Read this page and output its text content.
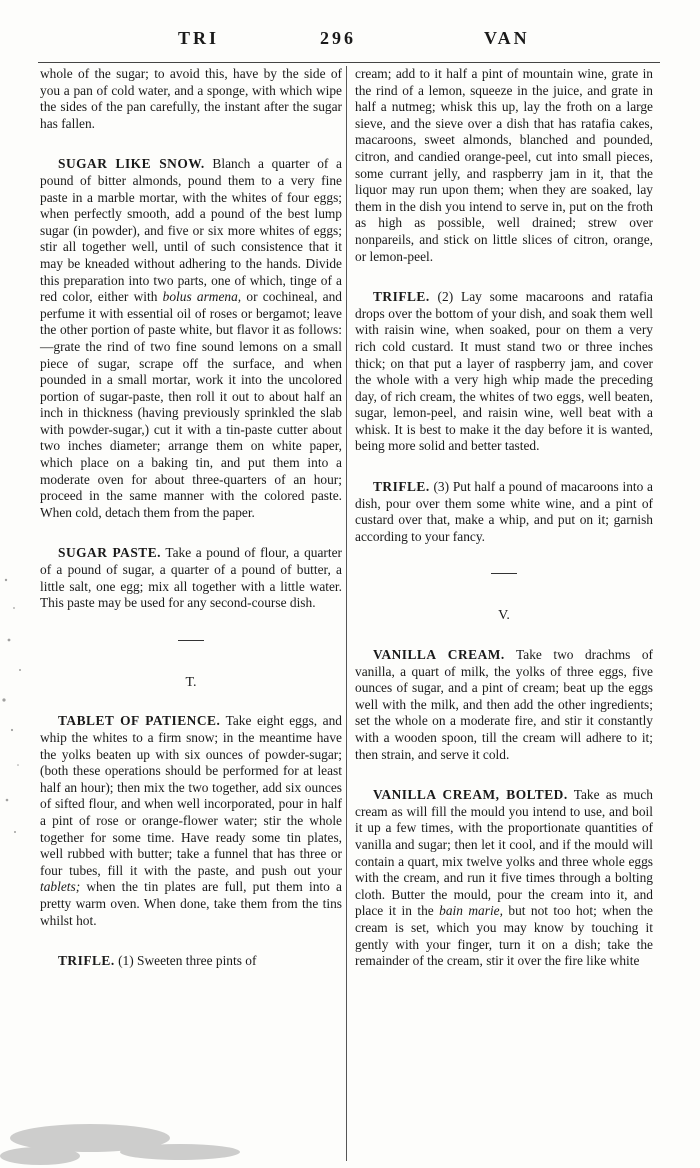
TRI	296	VAN

whole of the sugar; to avoid this, have by the side of you a pan of cold water, and a sponge, with which wipe the sides of the pan carefully, the instant after the sugar has fallen.

SUGAR LIKE SNOW. Blanch a quarter of a pound of bitter almonds, pound them to a very fine paste in a marble mortar, with the whites of four eggs; when perfectly smooth, add a pound of the best lump sugar (in powder), and five or six more whites of eggs; stir all together well, until of such consistence that it may be kneaded without adhering to the hands. Divide this preparation into two parts, one of which, tinge of a red color, either with bolus armena, or cochineal, and perfume it with essential oil of roses or bergamot; leave the other portion of paste white, but flavor it as follows:—grate the rind of two fine sound lemons on a small piece of sugar, scrape off the surface, and when pounded in a small mortar, work it into the uncolored portion of sugar-paste, then roll it out to about half an inch in thickness (having previously sprinkled the slab with powder-sugar,) cut it with a tin-paste cutter about two inches diameter; arrange them on white paper, which place on a baking tin, and put them into a moderate oven for about three-quarters of an hour; proceed in the same manner with the colored paste. When cold, detach them from the paper.

SUGAR PASTE. Take a pound of flour, a quarter of a pound of sugar, a quarter of a pound of butter, a little salt, one egg; mix all together with a little water. This paste may be used for any second-course dish.

T.

TABLET OF PATIENCE. Take eight eggs, and whip the whites to a firm snow; in the meantime have the yolks beaten up with six ounces of powder-sugar; (both these operations should be performed for at least half an hour); then mix the two together, add six ounces of sifted flour, and when well incorporated, pour in half a pint of rose or orange-flower water; stir the whole together for some time. Have ready some tin plates, well rubbed with butter; take a funnel that has three or four tubes, fill it with the paste, and push out your tablets; when the tin plates are full, put them into a pretty warm oven. When done, take them from the tins whilst hot.

TRIFLE. (1) Sweeten three pints of

cream; add to it half a pint of mountain wine, grate in the rind of a lemon, squeeze in the juice, and grate in half a nutmeg; whisk this up, lay the froth on a large sieve, and the sieve over a dish that has ratafia cakes, macaroons, sweet almonds, blanched and pounded, citron, and candied orange-peel, cut into small pieces, some currant jelly, and raspberry jam in it, that the liquor may run upon them; when they are soaked, lay them in the dish you intend to serve in, put on the froth as high as possible, well drained; strew over nonpareils, and stick on little slices of citron, orange, or lemon-peel.

TRIFLE. (2) Lay some macaroons and ratafia drops over the bottom of your dish, and soak them well with raisin wine, when soaked, pour on them a very rich cold custard. It must stand two or three inches thick; on that put a layer of raspberry jam, and cover the whole with a very high whip made the preceding day, of rich cream, the whites of two eggs, well beaten, sugar, lemon-peel, and raisin wine, well beat with a whisk. It is best to make it the day before it is wanted, being more solid and better tasted.

TRIFLE. (3) Put half a pound of macaroons into a dish, pour over them some white wine, and a pint of custard over that, make a whip, and put on it; garnish according to your fancy.

V.

VANILLA CREAM. Take two drachms of vanilla, a quart of milk, the yolks of three eggs, five ounces of sugar, and a pint of cream; beat up the eggs well with the milk, and then add the other ingredients; set the whole on a moderate fire, and stir it constantly with a wooden spoon, till the cream will adhere to it; then strain, and serve it cold.

VANILLA CREAM, BOLTED. Take as much cream as will fill the mould you intend to use, and boil it up a few times, with the proportionate quantities of vanilla and sugar; then let it cool, and if the mould will contain a quart, mix twelve yolks and three whole eggs with the cream, and run it five times through a bolting cloth. Butter the mould, pour the cream into it, and place it in the bain marie, but not too hot; when the cream is set, which you may know by touching it gently with your finger, turn it on a dish; take the remainder of the cream, stir it over the fire like white
